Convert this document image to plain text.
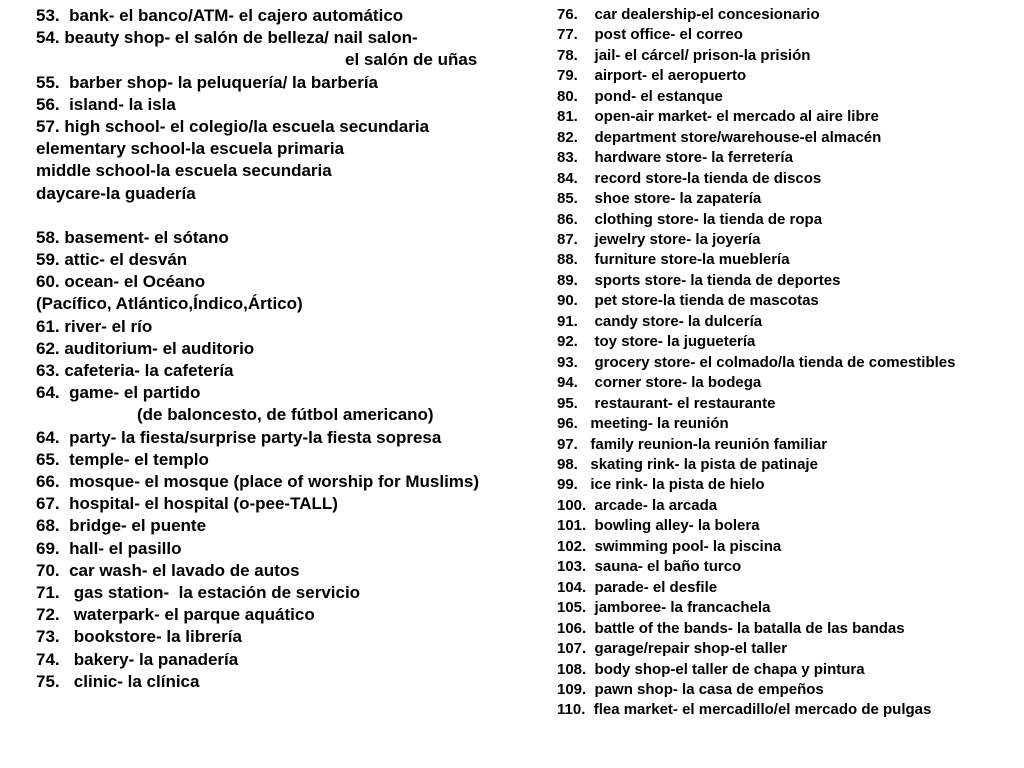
53.  bank- el banco/ATM- el cajero automático
54. beauty shop- el salón de belleza/ nail salon-
el salón de uñas
55.  barber shop- la peluquería/ la barbería
56.  island- la isla
57. high school- el colegio/la escuela secundaria
elementary school-la escuela primaria
middle school-la escuela secundaria
daycare-la guadería
58. basement- el sótano
59. attic- el desván
60. ocean- el Océano
(Pacífico, Atlántico,Índico,Ártico)
61. river- el río
62. auditorium- el auditorio
63. cafeteria- la cafetería
64.  game- el partido
(de baloncesto, de fútbol americano)
64.  party- la fiesta/surprise party-la fiesta sopresa
65.  temple- el templo
66.  mosque- el mosque (place of worship for Muslims)
67.  hospital- el hospital (o-pee-TALL)
68.  bridge- el puente
69.  hall- el pasillo
70.  car wash- el lavado de autos
71.   gas station-  la estación de servicio
72.   waterpark- el parque aquático
73.   bookstore- la librería
74.   bakery- la panadería
75.   clinic- la clínica
76.    car dealership-el concesionario
77.    post office- el correo
78.    jail- el cárcel/ prison-la prisión
79.    airport- el aeropuerto
80.    pond- el estanque
81.    open-air market- el mercado al aire libre
82.    department store/warehouse-el almacén
83.    hardware store- la ferretería
84.    record store-la tienda de discos
85.    shoe store- la zapatería
86.    clothing store- la tienda de ropa
87.    jewelry store- la joyería
88.    furniture store-la mueblería
89.    sports store- la tienda de deportes
90.    pet store-la tienda de mascotas
91.    candy store- la dulcería
92.    toy store- la juguetería
93.    grocery store- el colmado/la tienda de comestibles
94.    corner store- la bodega
95.    restaurant- el restaurante
96.   meeting- la reunión
97.   family reunion-la reunión familiar
98.   skating rink- la pista de patinaje
99.   ice rink- la pista de hielo
100.  arcade- la arcada
101.  bowling alley- la bolera
102.  swimming pool- la piscina
103.  sauna- el baño turco
104.  parade- el desfile
105.  jamboree- la francachela
106.  battle of the bands- la batalla de las bandas
107.  garage/repair shop-el taller
108.  body shop-el taller de chapa y pintura
109.  pawn shop- la casa de empeños
110.  flea market- el mercadillo/el mercado de pulgas
